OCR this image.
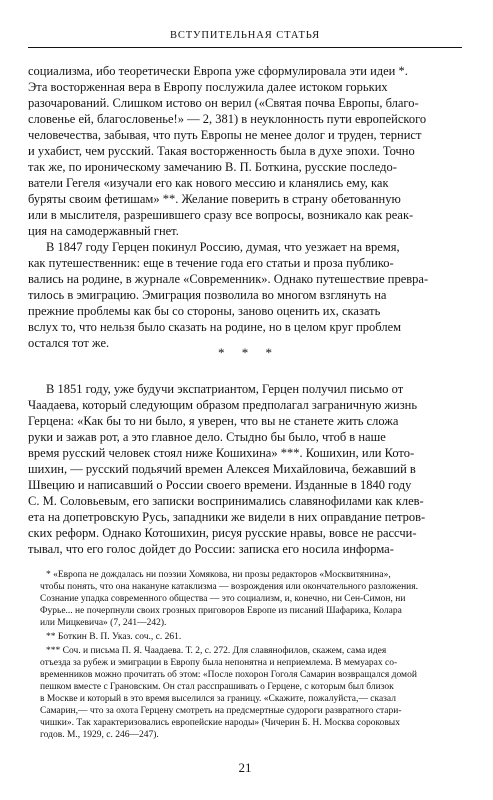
ВСТУПИТЕЛЬНАЯ СТАТЬЯ
социализма, ибо теоретически Европа уже сформулировала эти идеи *.
Эта восторженная вера в Европу послужила далее истоком горьких
разочарований. Слишком истово он верил («Святая почва Европы, благо-
словенье ей, благословенье!» — 2, 381) в неуклонность пути европейского
человечества, забывая, что путь Европы не менее долог и труден, тернист
и ухабист, чем русский. Такая восторженность была в духе эпохи. Точно
так же, по ироническому замечанию В. П. Боткина, русские последо-
ватели Гегеля «изучали его как нового мессию и кланялись ему, как
буряты своим фетишам» **. Желание поверить в страну обетованную
или в мыслителя, разрешившего сразу все вопросы, возникало как реак-
ция на самодержавный гнет.
В 1847 году Герцен покинул Россию, думая, что уезжает на время,
как путешественник: еще в течение года его статьи и проза публико-
вались на родине, в журнале «Современник». Однако путешествие превра-
тилось в эмиграцию. Эмиграция позволила во многом взглянуть на
прежние проблемы как бы со стороны, заново оценить их, сказать
вслух то, что нельзя было сказать на родине, но в целом круг проблем
остался тот же.
* * *
В 1851 году, уже будучи экспатриантом, Герцен получил письмо от
Чаадаева, который следующим образом предполагал заграничную жизнь
Герцена: «Как бы то ни было, я уверен, что вы не станете жить сложа
руки и зажав рот, а это главное дело. Стыдно бы было, чтоб в наше
время русский человек стоял ниже Кошихина» ***. Кошихин, или Кото-
шихин, — русский подьячий времен Алексея Михайловича, бежавший в
Швецию и написавший о России своего времени. Изданные в 1840 году
С. М. Соловьевым, его записки воспринимались славянофилами как клев-
ета на допетровскую Русь, западники же видели в них оправдание петров-
ских реформ. Однако Котошихин, рисуя русские нравы, вовсе не рассчи-
тывал, что его голос дойдет до России: записка его носила информа-
* «Европа не дождалась ни поэзии Хомякова, ни прозы редакторов «Москвитянина»,
чтобы понять, что она накануне катаклизма — возрождения или окончательного разложения.
Сознание упадка современного общества — это социализм, и, конечно, ни Сен-Симон, ни
Фурье... не почерпнули своих грозных приговоров Европе из писаний Шафарика, Колара
или Мицкевича» (7, 241—242).
** Боткин В. П. Указ. соч., с. 261.
*** Соч. и письма П. Я. Чаадаева. Т. 2, с. 272. Для славянофилов, скажем, сама идея
отъезда за рубеж и эмиграции в Европу была непонятна и неприемлема. В мемуарах со-
временников можно прочитать об этом: «После похорон Гоголя Самарин возвращался домой
пешком вместе с Грановским. Он стал расспрашивать о Герцене, с которым был близок
в Москве и который в это время выселился за границу. «Скажите, пожалуйста,— сказал
Самарин,— что за охота Герцену смотреть на предсмертные судороги развратного стари-
чишки». Так характеризовались европейские народы» (Чичерин Б. Н. Москва сороковых
годов. М., 1929, с. 246—247).
21
